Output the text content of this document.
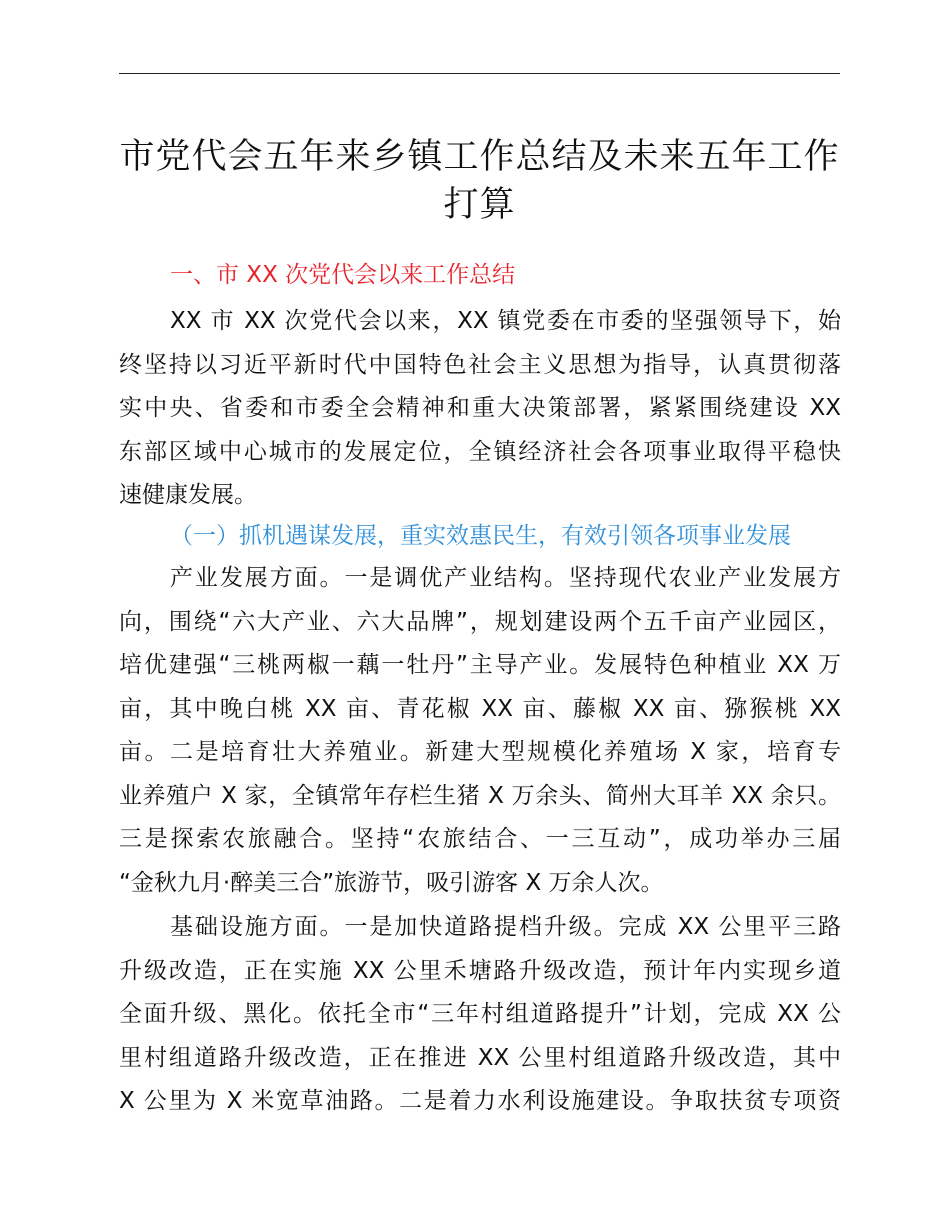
市党代会五年来乡镇工作总结及未来五年工作打算
一、市 XX 次党代会以来工作总结
XX 市 XX 次党代会以来，XX 镇党委在市委的坚强领导下，始
终坚持以习近平新时代中国特色社会主义思想为指导，认真贯彻落
实中央、省委和市委全会精神和重大决策部署，紧紧围绕建设 XX
东部区域中心城市的发展定位，全镇经济社会各项事业取得平稳快
速健康发展。
（一）抓机遇谋发展，重实效惠民生，有效引领各项事业发展
产业发展方面。一是调优产业结构。坚持现代农业产业发展方
向，围绕“六大产业、六大品牌”，规划建设两个五千亩产业园区，
培优建强“三桃两椒一藕一牡丹”主导产业。发展特色种植业 XX 万
亩，其中晚白桃 XX 亩、青花椒 XX 亩、藤椒 XX 亩、猕猴桃 XX
亩。二是培育壮大养殖业。新建大型规模化养殖场 X 家，培育专
业养殖户 X 家，全镇常年存栏生猪 X 万余头、简州大耳羊 XX 余只。
三是探索农旅融合。坚持“农旅结合、一三互动”，成功举办三届
“金秋九月·醉美三合”旅游节，吸引游客 X 万余人次。
基础设施方面。一是加快道路提档升级。完成 XX 公里平三路
升级改造，正在实施 XX 公里禾塘路升级改造，预计年内实现乡道
全面升级、黑化。依托全市“三年村组道路提升”计划，完成 XX 公
里村组道路升级改造，正在推进 XX 公里村组道路升级改造，其中
X 公里为 X 米宽草油路。二是着力水利设施建设。争取扶贫专项资
